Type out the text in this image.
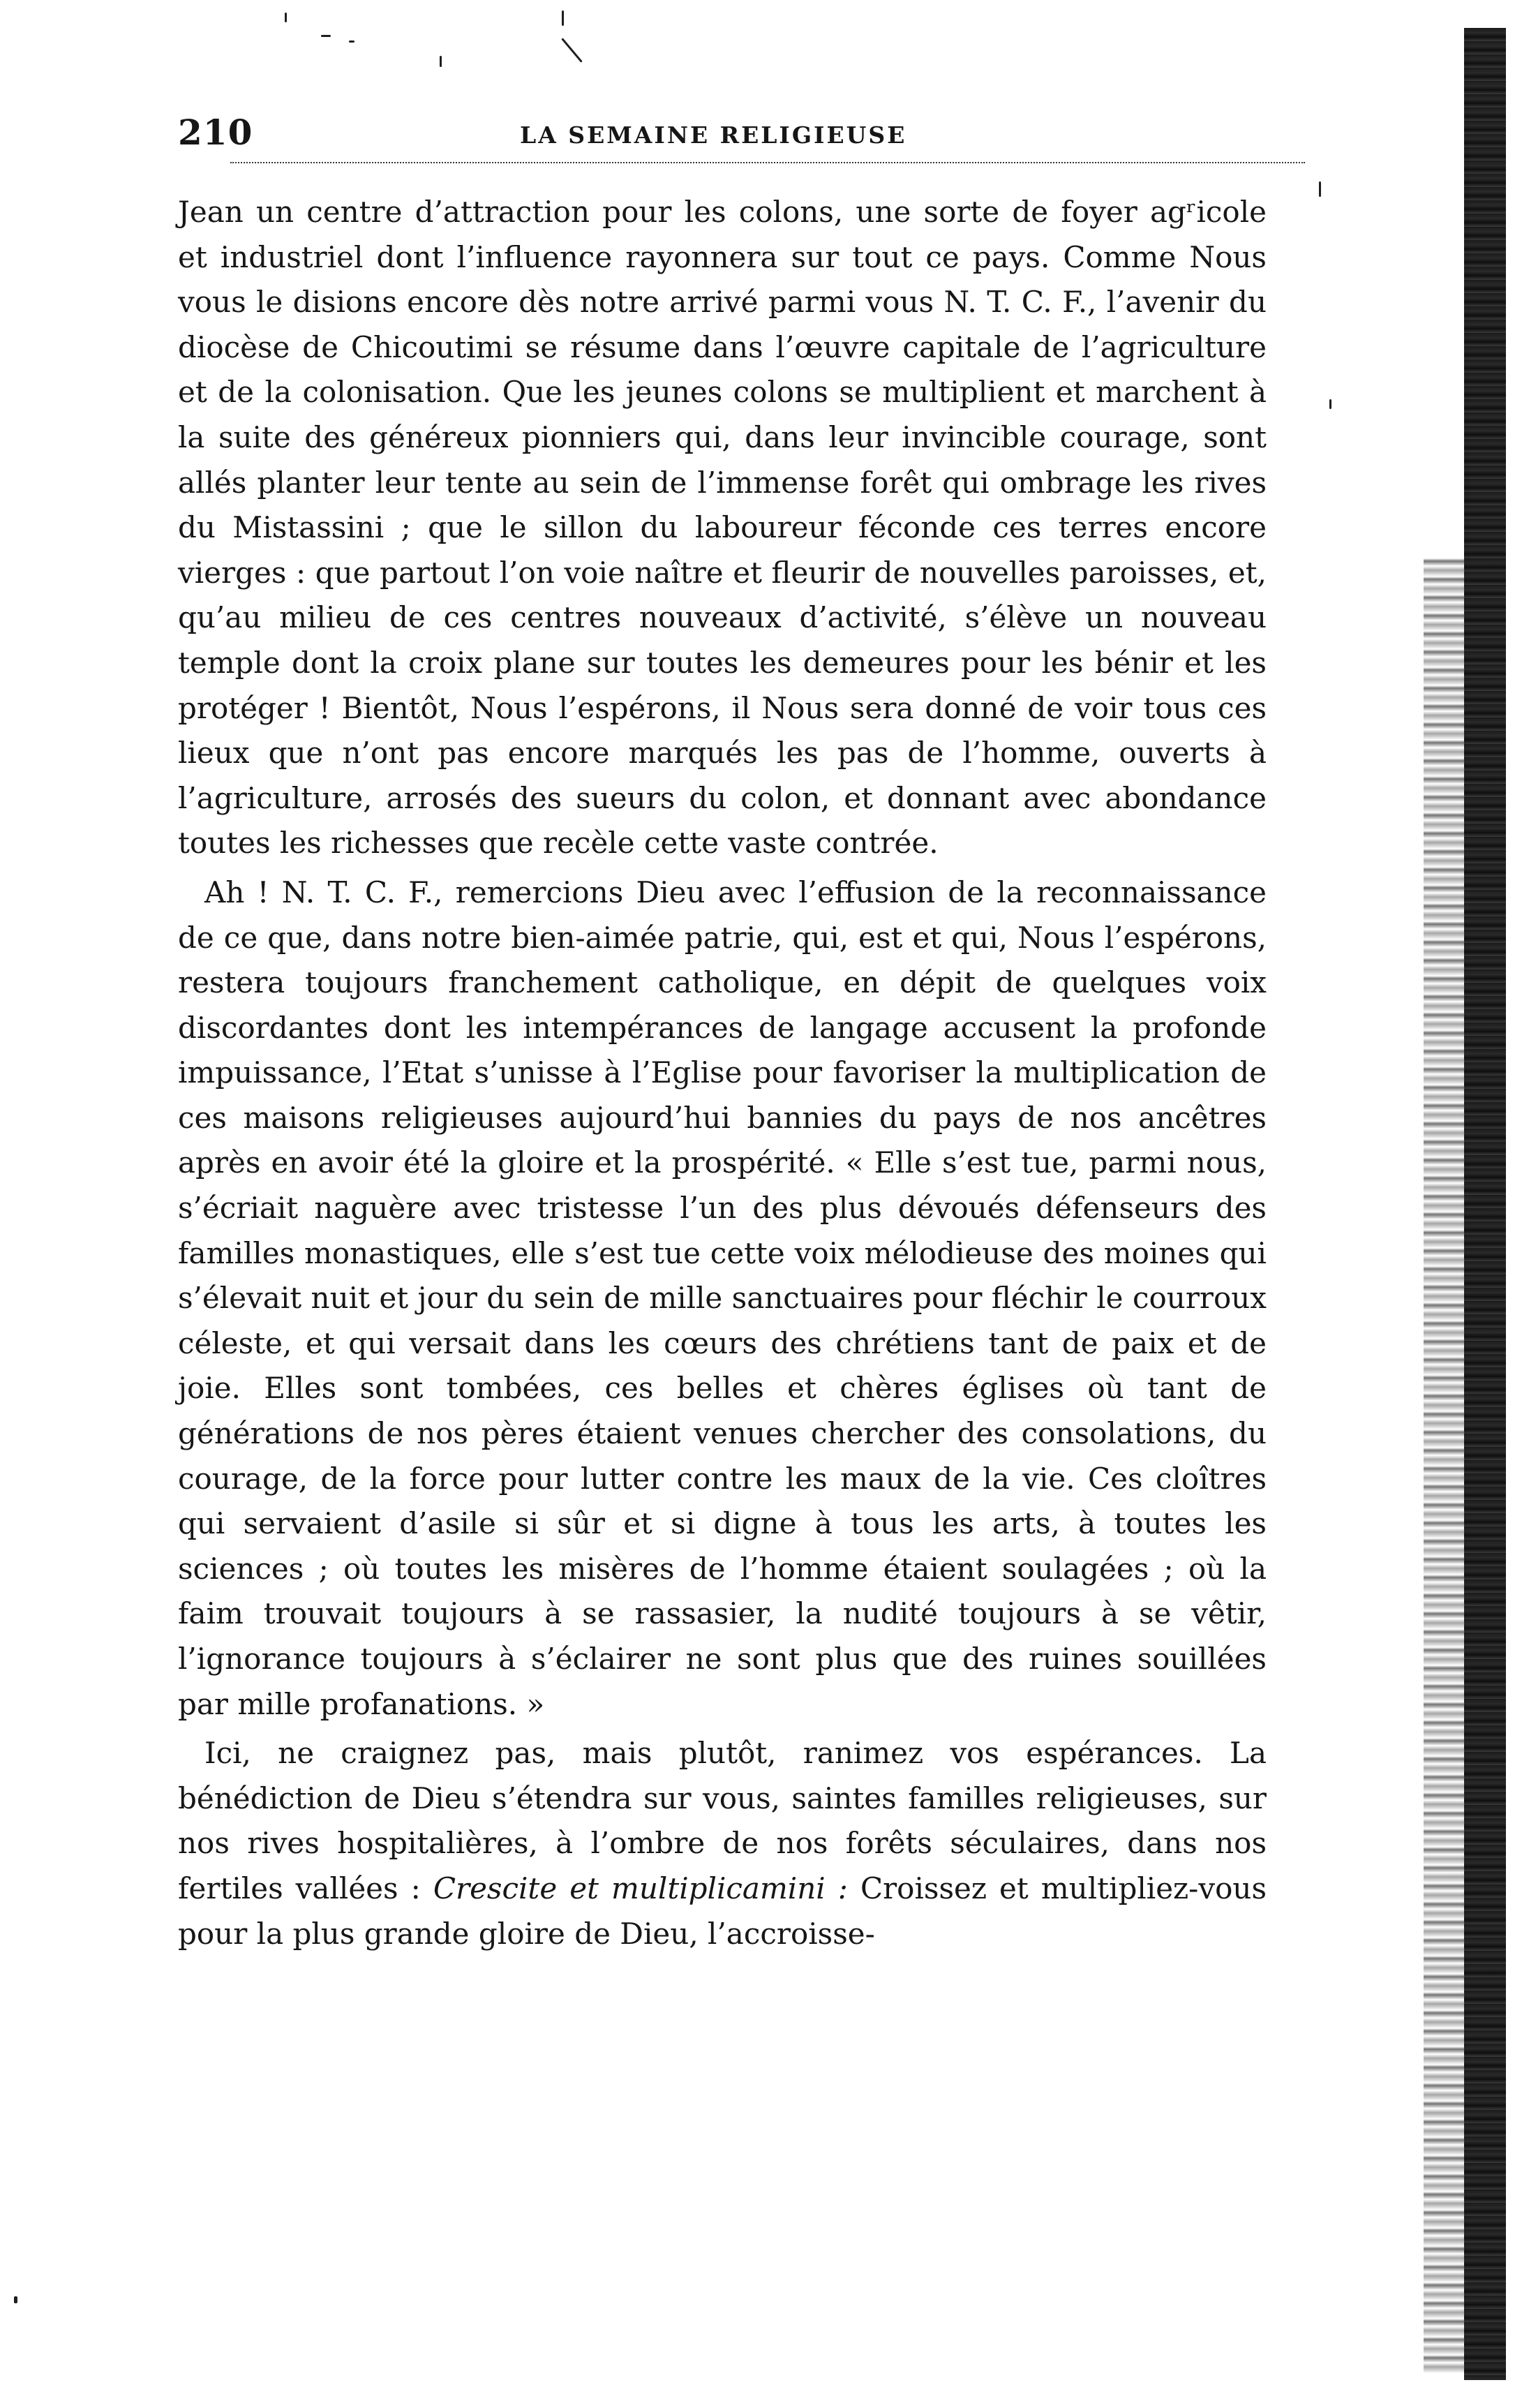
210	LA SEMAINE RELIGIEUSE

Jean un centre d’attraction pour les colons, une sorte de foyer agʳicole et industriel dont l’influence rayonnera sur tout ce pays. Comme Nous vous le disions encore dès notre arrivé parmi vous N. T. C. F., l’avenir du diocèse de Chicoutimi se résume dans l’œuvre capitale de l’agriculture et de la colonisation. Que les jeunes colons se multiplient et marchent à la suite des généreux pionniers qui, dans leur invincible courage, sont allés planter leur tente au sein de l’immense forêt qui ombrage les rives du Mistassini ; que le sillon du laboureur féconde ces terres encore vierges : que partout l’on voie naître et fleurir de nouvelles paroisses, et, qu’au milieu de ces centres nouveaux d’activité, s’élève un nouveau temple dont la croix plane sur toutes les demeures pour les bénir et les protéger ! Bientôt, Nous l’espérons, il Nous sera donné de voir tous ces lieux que n’ont pas encore marqués les pas de l’homme, ouverts à l’agriculture, arrosés des sueurs du colon, et donnant avec abondance toutes les richesses que recèle cette vaste contrée.

Ah ! N. T. C. F., remercions Dieu avec l’effusion de la reconnaissance de ce que, dans notre bien-aimée patrie, qui, est et qui, Nous l’espérons, restera toujours franchement catholique, en dépit de quelques voix discordantes dont les intempérances de langage accusent la profonde impuissance, l’Etat s’unisse à l’Eglise pour favoriser la multiplication de ces maisons religieuses aujourd’hui bannies du pays de nos ancêtres après en avoir été la gloire et la prospérité. « Elle s’est tue, parmi nous, s’écriait naguère avec tristesse l’un des plus dévoués défenseurs des familles monastiques, elle s’est tue cette voix mélodieuse des moines qui s’élevait nuit et jour du sein de mille sanctuaires pour fléchir le courroux céleste, et qui versait dans les cœurs des chrétiens tant de paix et de joie. Elles sont tombées, ces belles et chères églises où tant de générations de nos pères étaient venues chercher des consolations, du courage, de la force pour lutter contre les maux de la vie. Ces cloîtres qui servaient d’asile si sûr et si digne à tous les arts, à toutes les sciences ; où toutes les misères de l’homme étaient soulagées ; où la faim trouvait toujours à se rassasier, la nudité toujours à se vêtir, l’ignorance toujours à s’éclairer ne sont plus que des ruines souillées par mille profanations. »

Ici, ne craignez pas, mais plutôt, ranimez vos espérances. La bénédiction de Dieu s’étendra sur vous, saintes familles religieuses, sur nos rives hospitalières, à l’ombre de nos forêts séculaires, dans nos fertiles vallées : Crescite et multiplicamini : Croissez et multipliez-vous pour la plus grande gloire de Dieu, l’accroisse-
